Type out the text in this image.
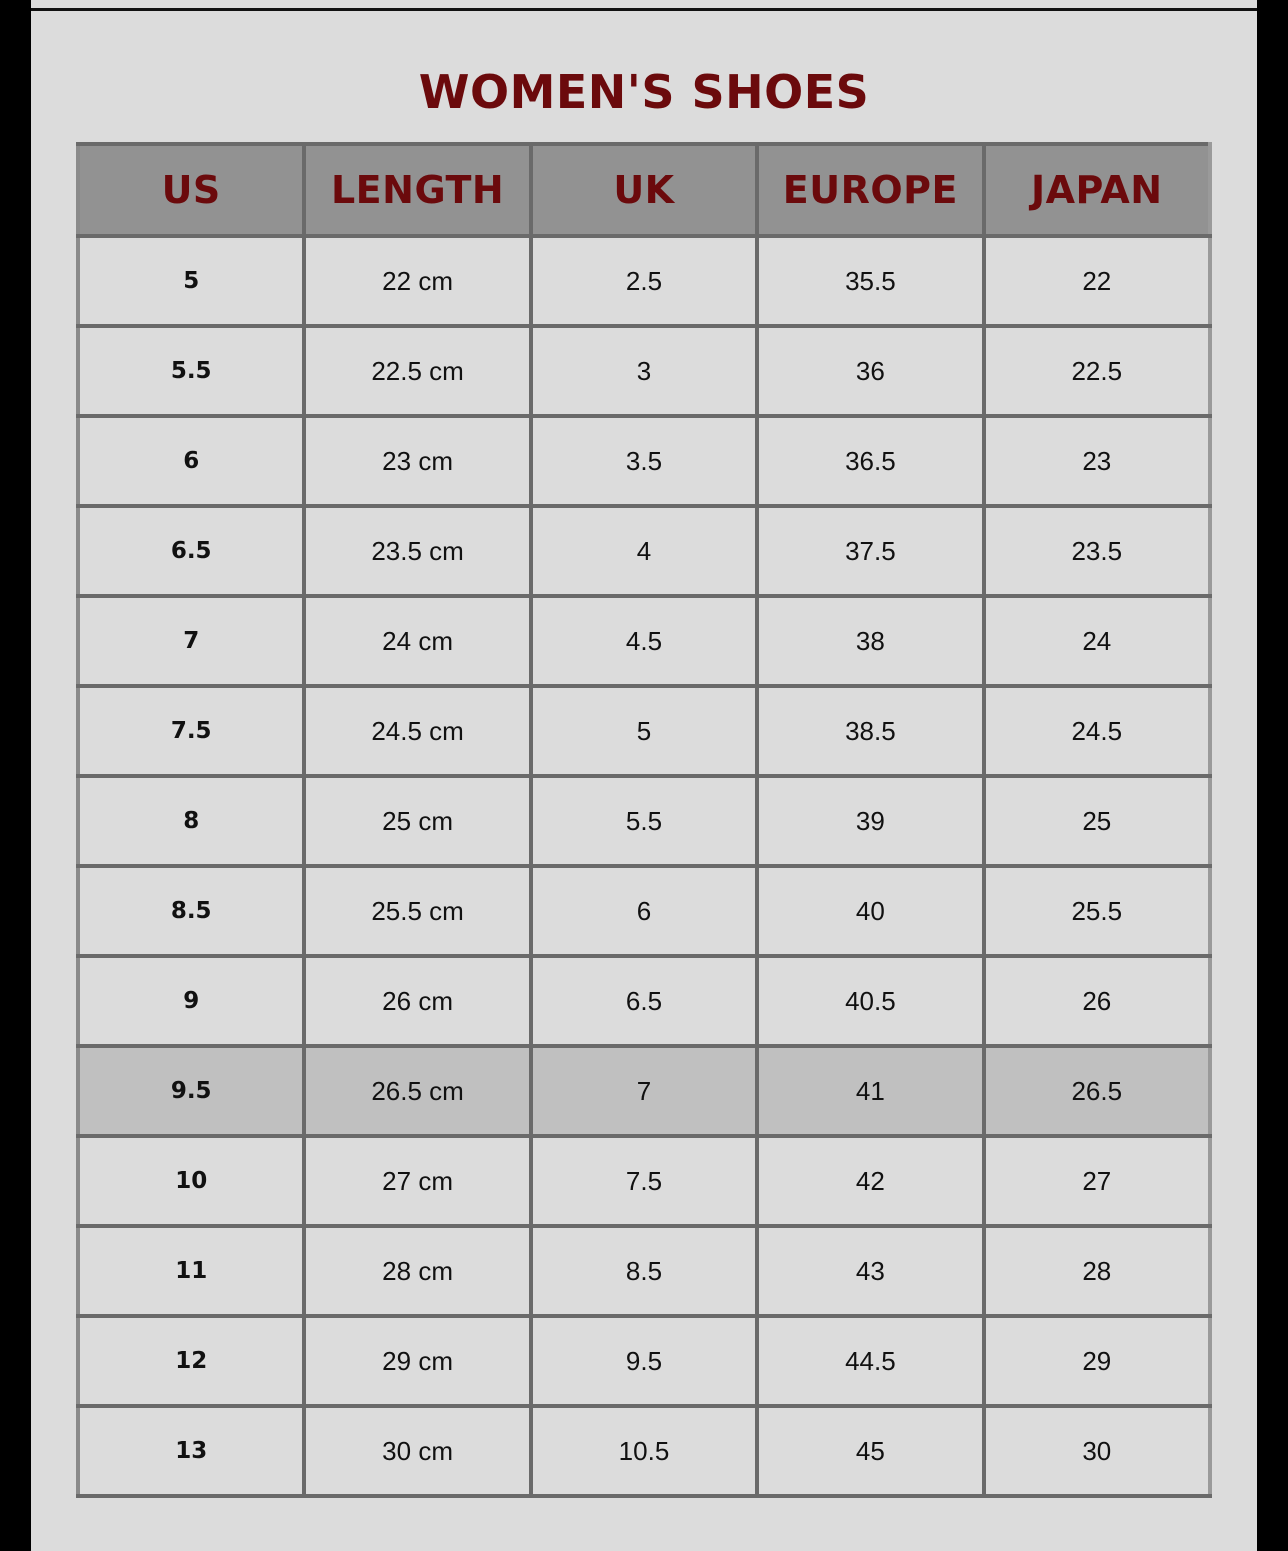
WOMEN'S SHOES
US	LENGTH	UK	EUROPE	JAPAN
5	22 cm	2.5	35.5	22
5.5	22.5 cm	3	36	22.5
6	23 cm	3.5	36.5	23
6.5	23.5 cm	4	37.5	23.5
7	24 cm	4.5	38	24
7.5	24.5 cm	5	38.5	24.5
8	25 cm	5.5	39	25
8.5	25.5 cm	6	40	25.5
9	26 cm	6.5	40.5	26
9.5	26.5 cm	7	41	26.5
10	27 cm	7.5	42	27
11	28 cm	8.5	43	28
12	29 cm	9.5	44.5	29
13	30 cm	10.5	45	30
